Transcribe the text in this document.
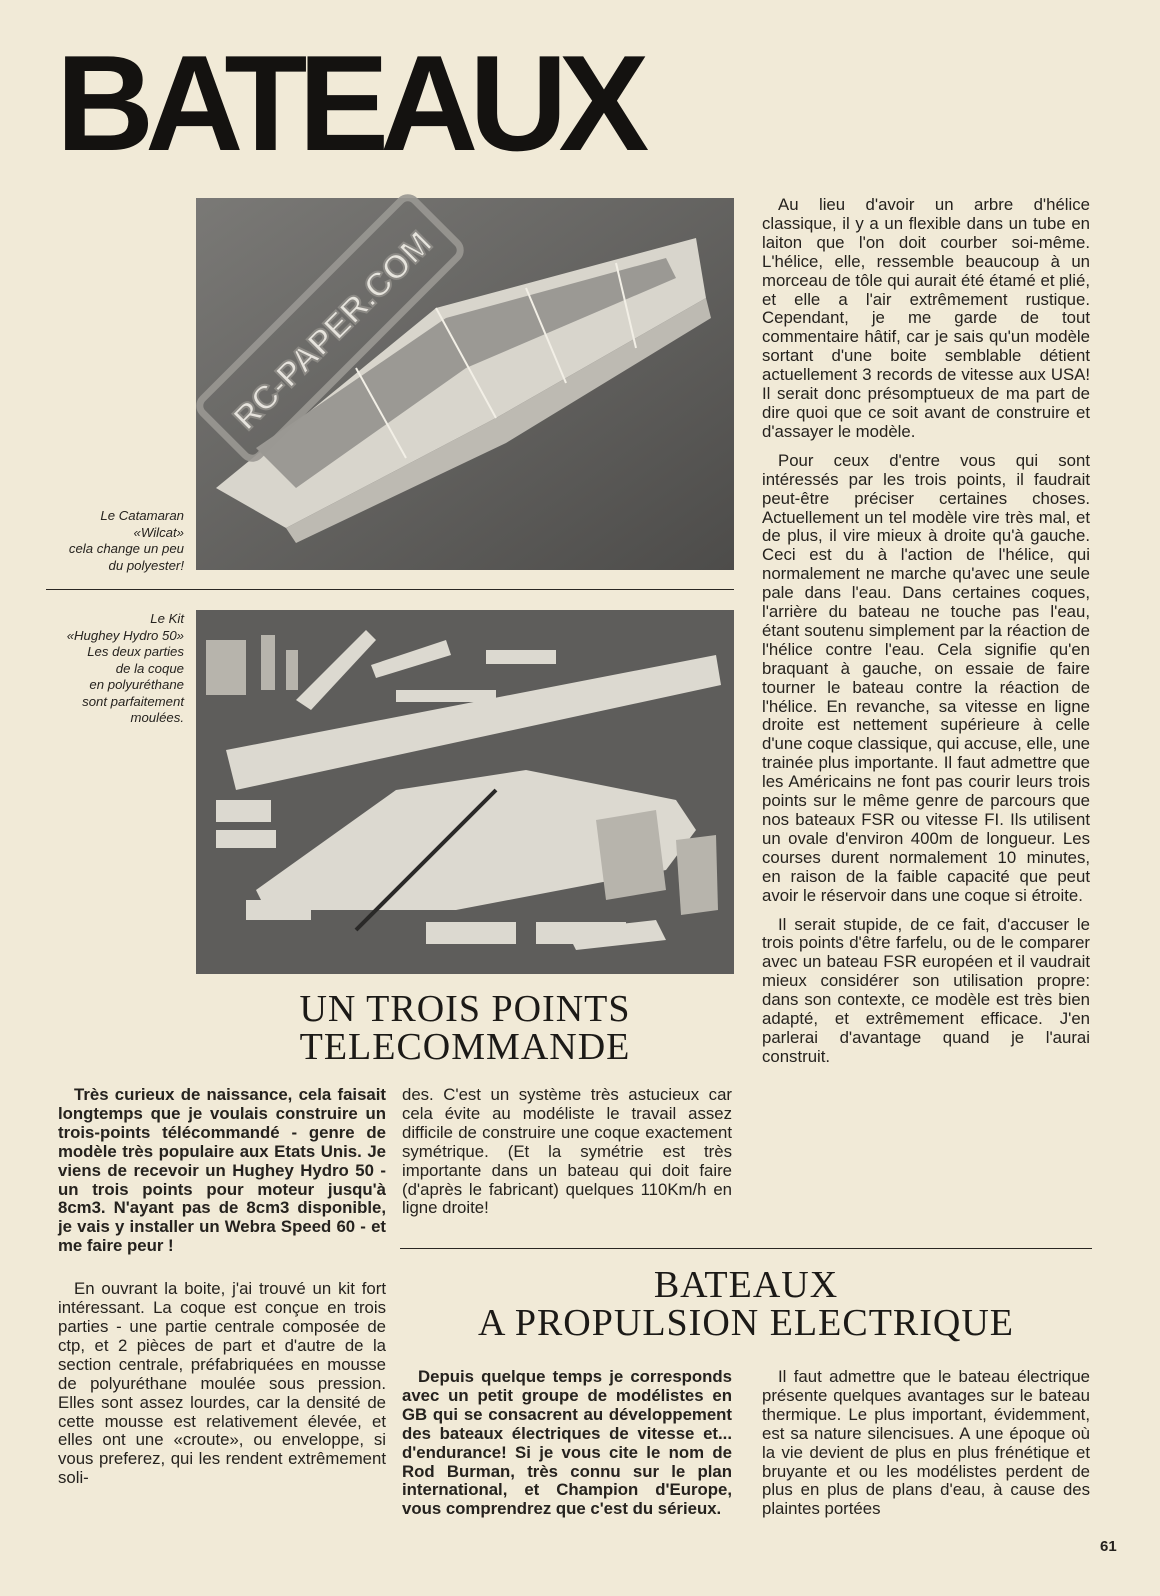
BATEAUX
Le Catamaran
«Wilcat»
cela change un peu
du polyester!
Le Kit
«Hughey Hydro 50»
Les deux parties
de la coque
en polyuréthane
sont parfaitement
moulées.
RC-PAPER.COM

Au lieu d'avoir un arbre d'hélice classique, il y a un flexible dans un tube en laiton que l'on doit courber soi-même. L'hélice, elle, ressemble beaucoup à un morceau de tôle qui aurait été étamé et plié, et elle a l'air extrêmement rustique. Cependant, je me garde de tout commentaire hâtif, car je sais qu'un modèle sortant d'une boite semblable détient actuellement 3 records de vitesse aux USA! Il serait donc présomptueux de ma part de dire quoi que ce soit avant de construire et d'assayer le modèle.

Pour ceux d'entre vous qui sont intéressés par les trois points, il faudrait peut-être préciser certaines choses. Actuellement un tel modèle vire très mal, et de plus, il vire mieux à droite qu'à gauche. Ceci est du à l'action de l'hélice, qui normalement ne marche qu'avec une seule pale dans l'eau. Dans certaines coques, l'arrière du bateau ne touche pas l'eau, étant soutenu simplement par la réaction de l'hélice contre l'eau. Cela signifie qu'en braquant à gauche, on essaie de faire tourner le bateau contre la réaction de l'hélice. En revanche, sa vitesse en ligne droite est nettement supérieure à celle d'une coque classique, qui accuse, elle, une trainée plus importante. Il faut admettre que les Américains ne font pas courir leurs trois points sur le même genre de parcours que nos bateaux FSR ou vitesse FI. Ils utilisent un ovale d'environ 400m de longueur. Les courses durent normalement 10 minutes, en raison de la faible capacité que peut avoir le réservoir dans une coque si étroite.

Il serait stupide, de ce fait, d'accuser le trois points d'être farfelu, ou de le comparer avec un bateau FSR européen et il vaudrait mieux considérer son utilisation propre: dans son contexte, ce modèle est très bien adapté, et extrêmement efficace. J'en parlerai d'avantage quand je l'aurai construit.

UN TROIS POINTS
TELECOMMANDE

Très curieux de naissance, cela faisait longtemps que je voulais construire un trois-points télécommandé - genre de modèle très populaire aux Etats Unis. Je viens de recevoir un Hughey Hydro 50 - un trois points pour moteur jusqu'à 8cm3. N'ayant pas de 8cm3 disponible, je vais y installer un Webra Speed 60 - et me faire peur !

En ouvrant la boite, j'ai trouvé un kit fort intéressant. La coque est conçue en trois parties - une partie centrale composée de ctp, et 2 pièces de part et d'autre de la section centrale, préfabriquées en mousse de polyuréthane moulée sous pression. Elles sont assez lourdes, car la densité de cette mousse est relativement élevée, et elles ont une «croute», ou enveloppe, si vous preferez, qui les rendent extrêmement soli-

des. C'est un système très astucieux car cela évite au modéliste le travail assez difficile de construire une coque exactement symétrique. (Et la symétrie est très importante dans un bateau qui doit faire (d'après le fabricant) quelques 110Km/h en ligne droite!

BATEAUX
A PROPULSION ELECTRIQUE

Depuis quelque temps je corresponds avec un petit groupe de modélistes en GB qui se consacrent au développement des bateaux électriques de vitesse et... d'endurance! Si je vous cite le nom de Rod Burman, très connu sur le plan international, et Champion d'Europe, vous comprendrez que c'est du sérieux.

Il faut admettre que le bateau électrique présente quelques avantages sur le bateau thermique. Le plus important, évidemment, est sa nature silencisues. A une époque où la vie devient de plus en plus frénétique et bruyante et ou les modélistes perdent de plus en plus de plans d'eau, à cause des plaintes portées

61
